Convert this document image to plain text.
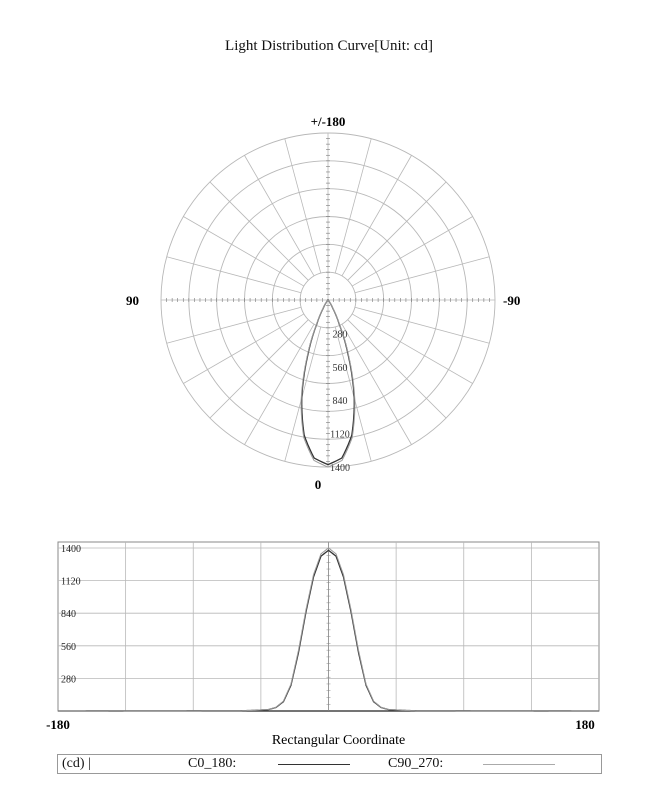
Light Distribution Curve[Unit: cd]
+/-180
90	-90
0
280
560
840
1120
1400
280
560
840
1120
1400
-180	180
Rectangular Coordinate
(cd) |	C0_180:	C90_270:
